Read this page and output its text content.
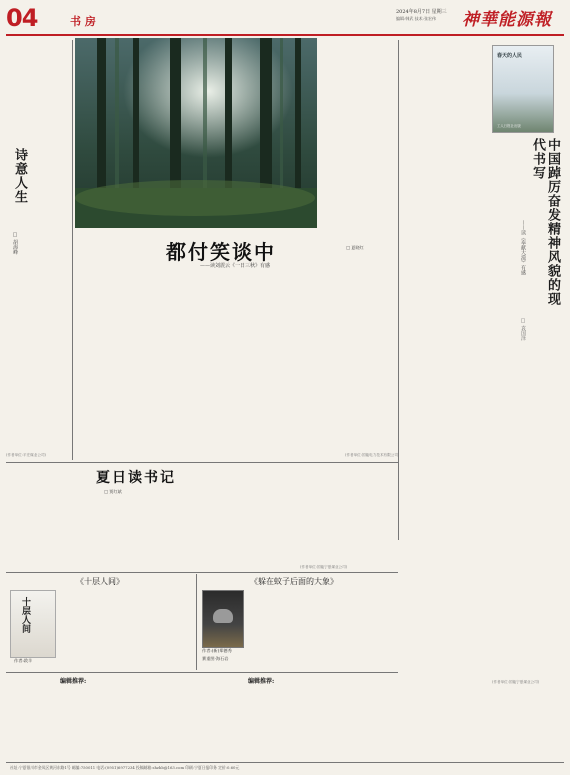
04	书 房
2024年8月7日 星期三
编辑:韩武 技术:张宏伟 神華能源報
诗意人生
□ 胡海峰
(作者单位:平庄煤业公司)
都付笑谈中
——读刘震云《一日三秋》有感
□ 夏晓红
(作者单位:国能电力技术有限公司)
春天的人民
工人日报社出版
中国踔厉奋发精神风貌的现代书写
——读《奉献大漠》有感
□ 袁国泽
(作者单位:国能宁夏煤业公司)
夏日读书记
□ 贾红斌
(作者单位:国能宁夏煤业公司)
《十层人间》
十层人间
作者:敦羊
《躲在蚊子后面的大象》
作者:(新)郑德秀
赛重图·海石岩
编辑推荐:	编辑推荐:
社址:宁夏银川市金凤区黄河东路1号 邮编:750011 电话:(0951)6977234 投稿邮箱:shzhb@163.com 印刷:宁夏日报印务 定价:0.60元
